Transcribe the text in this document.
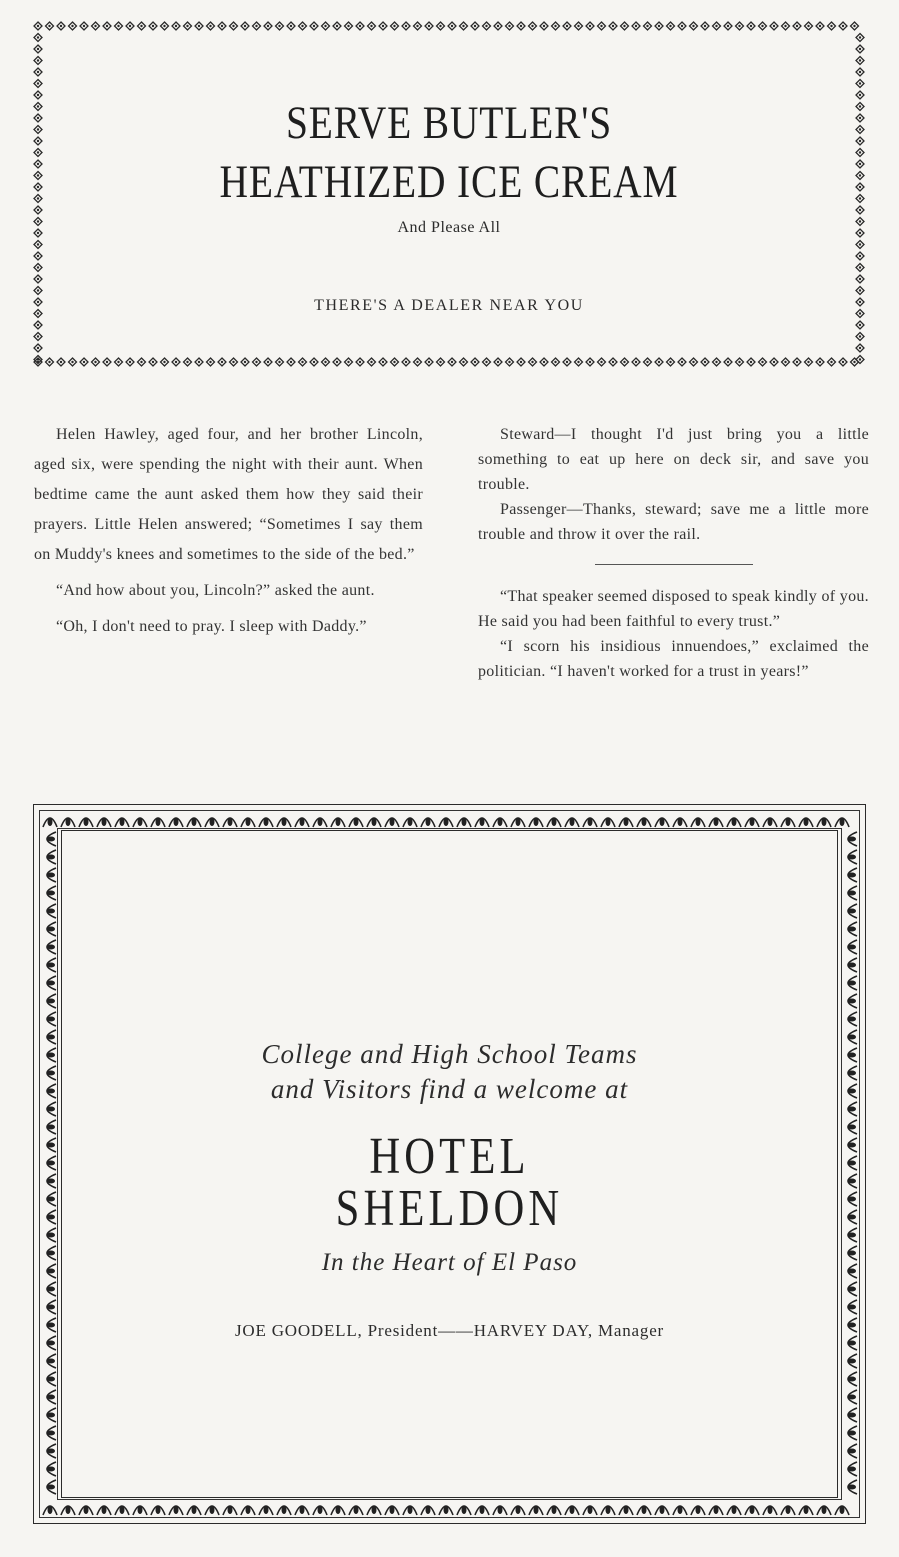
SERVE BUTLER'S
HEATHIZED ICE CREAM
And Please All
THERE'S A DEALER NEAR YOU

Helen Hawley, aged four, and her brother Lincoln, aged six, were spending the night with their aunt. When bedtime came the aunt asked them how they said their prayers. Little Helen answered; “Sometimes I say them on Muddy's knees and sometimes to the side of the bed.”

“And how about you, Lincoln?” asked the aunt.

“Oh, I don't need to pray. I sleep with Daddy.”

Steward—I thought I'd just bring you a little something to eat up here on deck sir, and save you trouble.

Passenger—Thanks, steward; save me a little more trouble and throw it over the rail.

“That speaker seemed disposed to speak kindly of you. He said you had been faithful to every trust.”

“I scorn his insidious innuendoes,” exclaimed the politician. “I haven't worked for a trust in years!”

College and High School Teams
and Visitors find a welcome at
HOTEL
SHELDON
In the Heart of El Paso
JOE GOODELL, President——HARVEY DAY, Manager
